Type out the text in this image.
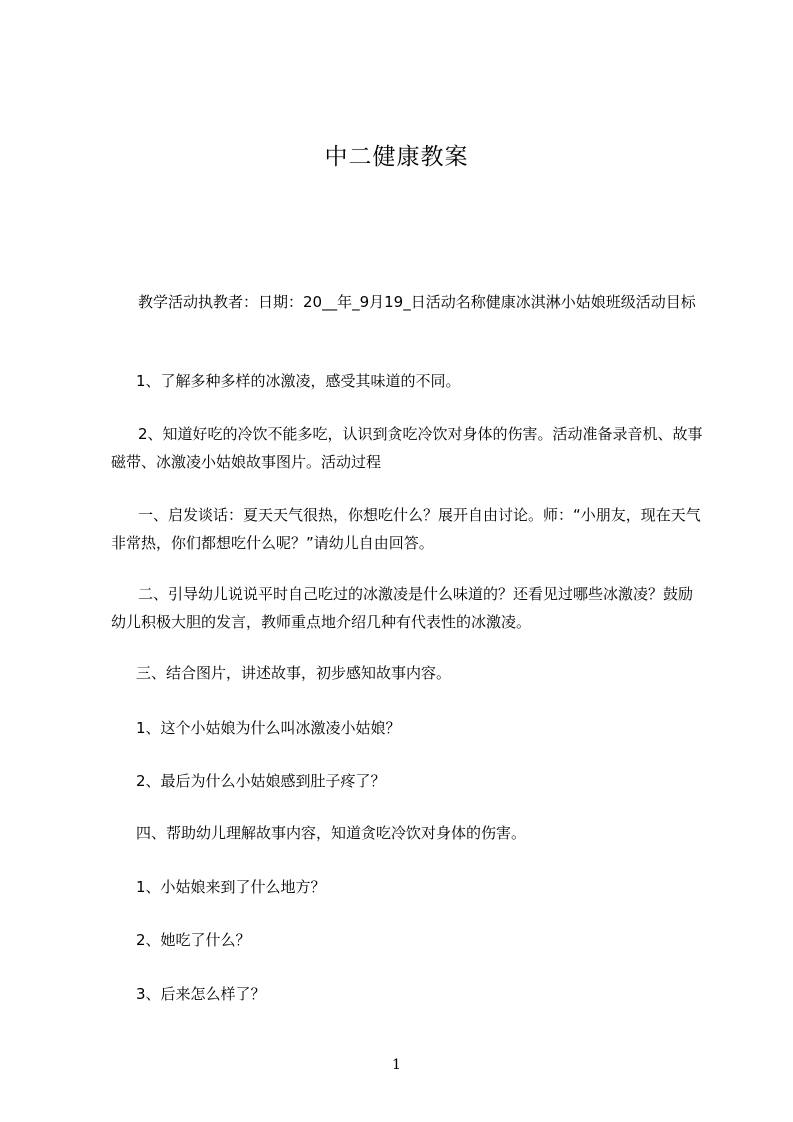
中二健康教案

教学活动执教者：日期：20__年_9月19_日活动名称健康冰淇淋小姑娘班级活动目标

1、了解多种多样的冰激凌，感受其味道的不同。

2、知道好吃的冷饮不能多吃，认识到贪吃冷饮对身体的伤害。活动准备录音机、故事磁带、冰激凌小姑娘故事图片。活动过程

一、启发谈话：夏天天气很热，你想吃什么？展开自由讨论。师：“小朋友，现在天气非常热，你们都想吃什么呢？”请幼儿自由回答。

二、引导幼儿说说平时自己吃过的冰激凌是什么味道的？还看见过哪些冰激凌？鼓励幼儿积极大胆的发言，教师重点地介绍几种有代表性的冰激凌。

三、结合图片，讲述故事，初步感知故事内容。

1、这个小姑娘为什么叫冰激凌小姑娘？

2、最后为什么小姑娘感到肚子疼了？

四、帮助幼儿理解故事内容，知道贪吃冷饮对身体的伤害。

1、小姑娘来到了什么地方？

2、她吃了什么？

3、后来怎么样了？

1
